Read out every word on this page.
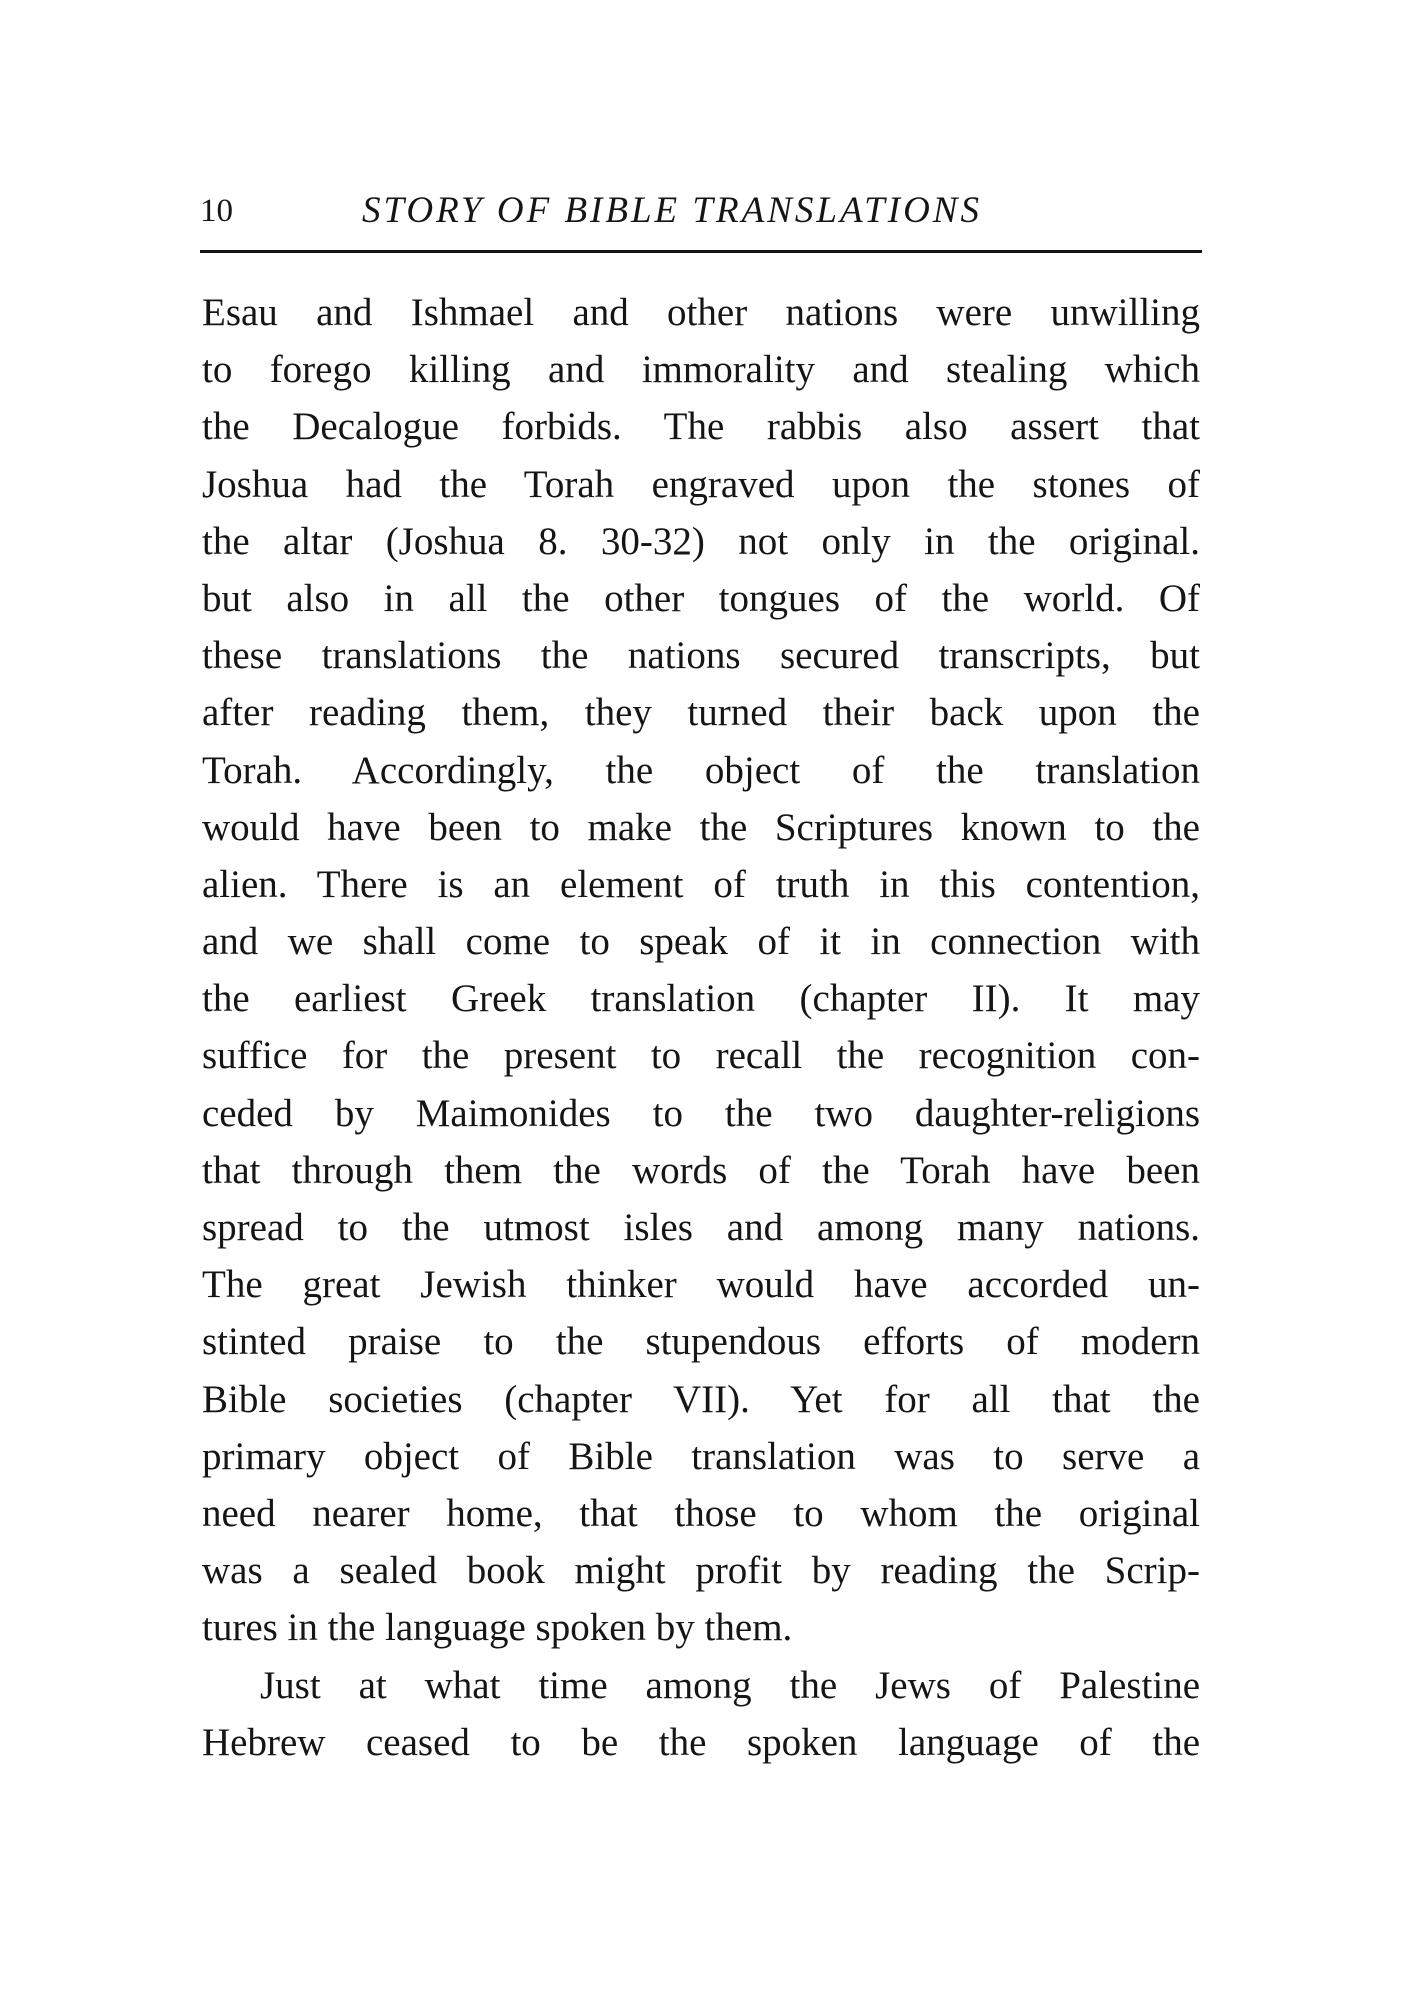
10	STORY OF BIBLE TRANSLATIONS
Esau and Ishmael and other nations were unwilling
to forego killing and immorality and stealing which
the Decalogue forbids. The rabbis also assert that
Joshua had the Torah engraved upon the stones of
the altar (Joshua 8. 30-32) not only in the original.
but also in all the other tongues of the world. Of
these translations the nations secured transcripts, but
after reading them, they turned their back upon the
Torah. Accordingly, the object of the translation
would have been to make the Scriptures known to the
alien. There is an element of truth in this contention,
and we shall come to speak of it in connection with
the earliest Greek translation (chapter II). It may
suffice for the present to recall the recognition con-
ceded by Maimonides to the two daughter-religions
that through them the words of the Torah have been
spread to the utmost isles and among many nations.
The great Jewish thinker would have accorded un-
stinted praise to the stupendous efforts of modern
Bible societies (chapter VII). Yet for all that the
primary object of Bible translation was to serve a
need nearer home, that those to whom the original
was a sealed book might profit by reading the Scrip-
tures in the language spoken by them.
Just at what time among the Jews of Palestine
Hebrew ceased to be the spoken language of the
